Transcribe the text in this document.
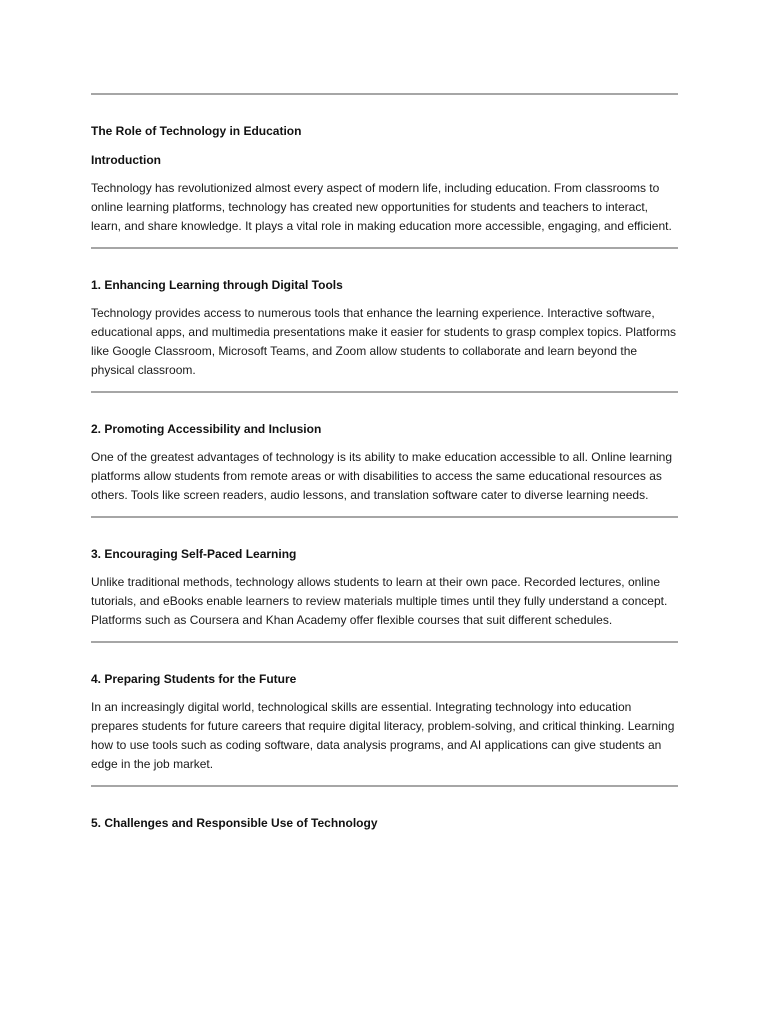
The Role of Technology in Education
Introduction

Technology has revolutionized almost every aspect of modern life, including education. From classrooms to online learning platforms, technology has created new opportunities for students and teachers to interact, learn, and share knowledge. It plays a vital role in making education more accessible, engaging, and efficient.

1. Enhancing Learning through Digital Tools

Technology provides access to numerous tools that enhance the learning experience. Interactive software, educational apps, and multimedia presentations make it easier for students to grasp complex topics. Platforms like Google Classroom, Microsoft Teams, and Zoom allow students to collaborate and learn beyond the physical classroom.

2. Promoting Accessibility and Inclusion

One of the greatest advantages of technology is its ability to make education accessible to all. Online learning platforms allow students from remote areas or with disabilities to access the same educational resources as others. Tools like screen readers, audio lessons, and translation software cater to diverse learning needs.

3. Encouraging Self-Paced Learning

Unlike traditional methods, technology allows students to learn at their own pace. Recorded lectures, online tutorials, and eBooks enable learners to review materials multiple times until they fully understand a concept. Platforms such as Coursera and Khan Academy offer flexible courses that suit different schedules.

4. Preparing Students for the Future

In an increasingly digital world, technological skills are essential. Integrating technology into education prepares students for future careers that require digital literacy, problem-solving, and critical thinking. Learning how to use tools such as coding software, data analysis programs, and AI applications can give students an edge in the job market.

5. Challenges and Responsible Use of Technology
